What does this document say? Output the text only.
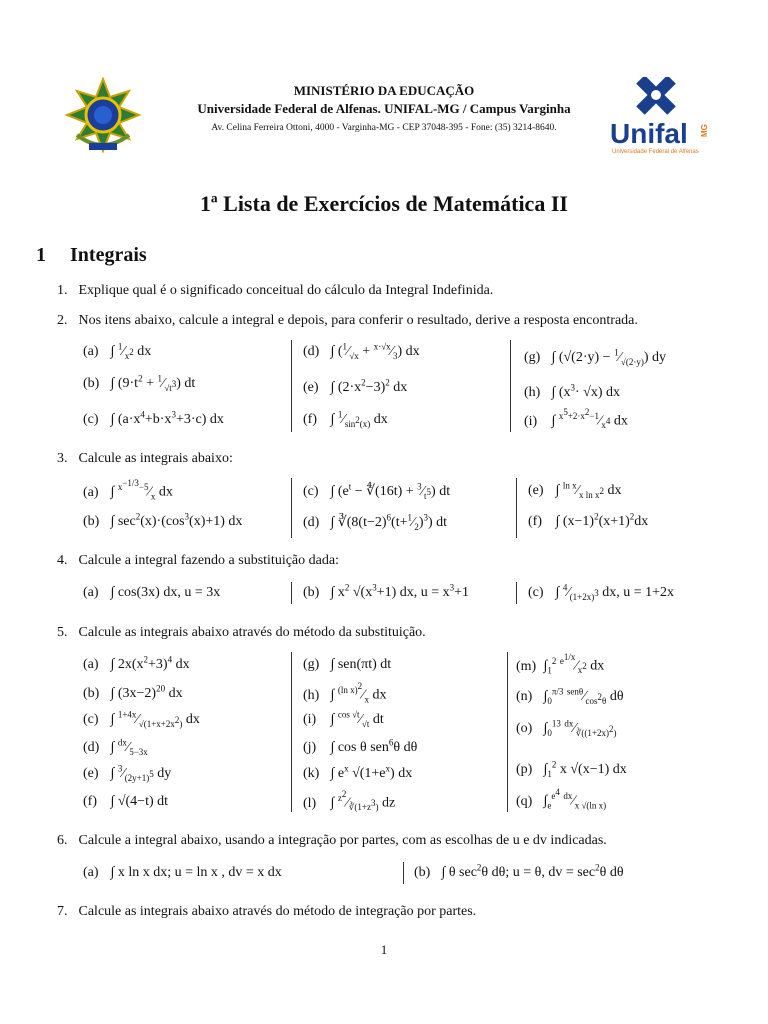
MINISTÉRIO DA EDUCAÇÃO
Universidade Federal de Alfenas. UNIFAL-MG / Campus Varginha
Av. Celina Ferreira Ottoni, 4000 - Varginha-MG - CEP 37048-395 - Fone: (35) 3214-8640.	Unifal MG
Universidade Federal de Alfenas
1ª Lista de Exercícios de Matemática II
1 Integrais
1. Explique qual é o significado conceitual do cálculo da Integral Indefinida.
2. Nos itens abaixo, calcule a integral e depois, para conferir o resultado, derive a resposta encontrada.
(a) ∫ $^1⁄_{x^2}$ dx
(b) ∫ ($9\cdot t^2$ + $^1⁄_{√t^3}$) dt
(c) ∫ $(a\cdot x^4+b\cdot x^3+3\cdot c)$ dx
(d) ∫ ($^1⁄_{√x}$ + $^{x\cdot√x}⁄_3$) dx
(e) ∫ $(2\cdot x^2-3)^2$ dx
(f) ∫ $^1⁄_{sin^2(x)}$ dx
(g) ∫ $(√(2\cdot y) - ^1⁄_{√(2\cdot y)})$ dy
(h) ∫ $(x^3\cdot √x)$ dx
(i) ∫ $^{x^5+2\cdot x^2-1}⁄_{x^4}$ dx
3. Calcule as integrais abaixo:
(a) ∫ $^{x^{-1/3}-5}⁄_x$ dx
(b) ∫ $\sec^2(x)\cdot(\cos^3(x)+1)$ dx
(c) ∫ ($e^t$ − ∜(16t) + $^3⁄_{t^5}$) dt
(d) ∫ $∛(8(t-2)^6(t+^1⁄_2)^3)$ dt
(e) ∫ $^{ln x}⁄_{x ln x^2}$ dx
(f) ∫ $(x-1)^2(x+1)^2dx$
4. Calcule a integral fazendo a substituição dada:
(a) ∫ cos(3x) dx, u = 3x	(b) ∫ $x^2$ $√(x^3+1)$ dx, $u = x^3+1$	(c) ∫ $^4⁄_{(1+2x)^3}$ dx, u = 1+2x
5. Calcule as integrais abaixo através do método da substituição.
(a) ∫ $2x(x^2+3)^4$ dx
(b) ∫ $(3x-2)^{20}$ dx
(c) ∫ $^{1+4x}⁄_{√(1+x+2x^2)}$ dx
(d) ∫ $^{dx}⁄_{5-3x}$
(e) ∫ $^3⁄_{(2y+1)^5}$ dy
(f) ∫ √(4−t) dt
(g) ∫ sen(πt) dt
(h) ∫ $^{(ln x)^2}⁄_x$ dx
(i) ∫ $^{cos √t}⁄_{√t}$ dt
(j) ∫ cos θ sen$^6$θ dθ
(k) ∫ $e^x$ $√(1+e^x)$ dx
(l) ∫ $^{z^2}⁄_{∛(1+z^3)}$ dz
(m) $\int_1^2$ $^{e^{1/x}}⁄_{x^2}$ dx
(n) $\int_0^{\pi/3}$ $^{sen\theta}⁄_{cos^2\theta}$ dθ
(o) $\int_0^{13}$ $^{dx}⁄_{∛((1+2x)^2)}$
(p) $\int_1^2$ x √(x−1) dx
(q) $\int_e^{e^4}$ $^{dx}⁄_{x √(ln x)}$
6. Calcule a integral abaixo, usando a integração por partes, com as escolhas de u e dv indicadas.
(a) ∫ x ln x dx; u = ln x , dv = x dx	(b) ∫ θ $\sec^2\theta$ dθ; u = θ, dv = $\sec^2\theta$ dθ
7. Calcule as integrais abaixo através do método de integração por partes.
1
